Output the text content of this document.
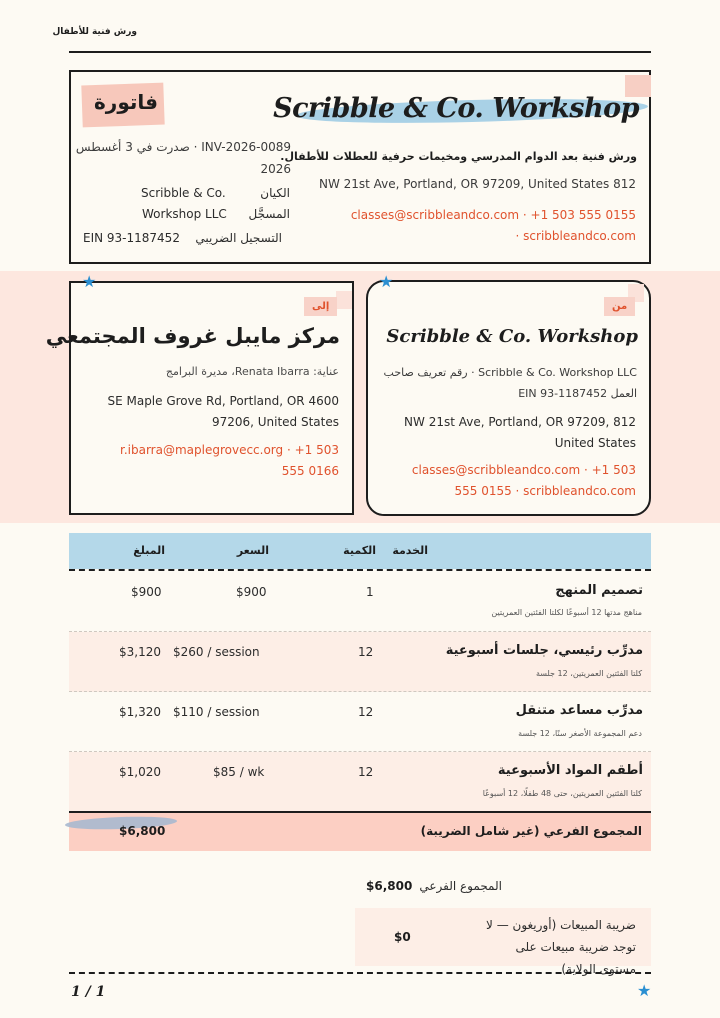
ورش فنية للأطفال
Scribble & Co. Workshop
ورش فنية بعد الدوام المدرسي ومخيمات حرفية للعطلات للأطفال.
NW 21st Ave, Portland, OR 97209, United States 812
classes@scribbleandco.com · +1 503 555 0155 · scribbleandco.com
فاتورة
INV-2026-0089 · صدرت في 3 أغسطس 2026
الكيان
Scribble & Co.
المسجَّل
Workshop LLC
التسجيل الضريبي
EIN 93-1187452
★
إلى
مركز مايبل غروف المجتمعي
عناية: Renata Ibarra، مديرة البرامج
SE Maple Grove Rd, Portland, OR 4600 97206, United States
r.ibarra@maplegrovecc.org · +1 503 555 0166
★
من
Scribble & Co. Workshop
Scribble & Co. Workshop LLC · رقم تعريف صاحب العمل EIN 93-1187452
NW 21st Ave, Portland, OR 97209, 812 United States
classes@scribbleandco.com · +1 503 555 0155 · scribbleandco.com
الخدمة
الكمية
السعر
المبلغ
تصميم المنهج
مناهج مدتها 12 أسبوعًا لكلتا الفئتين العمريتين
1
$900
$900
مدرِّب رئيسي، جلسات أسبوعية
كلتا الفئتين العمريتين، 12 جلسة
12
$260 / session
$3,120
مدرِّب مساعد متنقل
دعم المجموعة الأصغر سنًا، 12 جلسة
12
$110 / session
$1,320
أطقم المواد الأسبوعية
كلتا الفئتين العمريتين، حتى 48 طفلًا، 12 أسبوعًا
12
$85 / wk
$1,020
المجموع الفرعي (غير شامل الضريبة)
$6,800
المجموع الفرعي
$6,800
ضريبة المبيعات (أوريغون — لا توجد ضريبة مبيعات على مستوى الولاية)
$0
1 / 1	★
